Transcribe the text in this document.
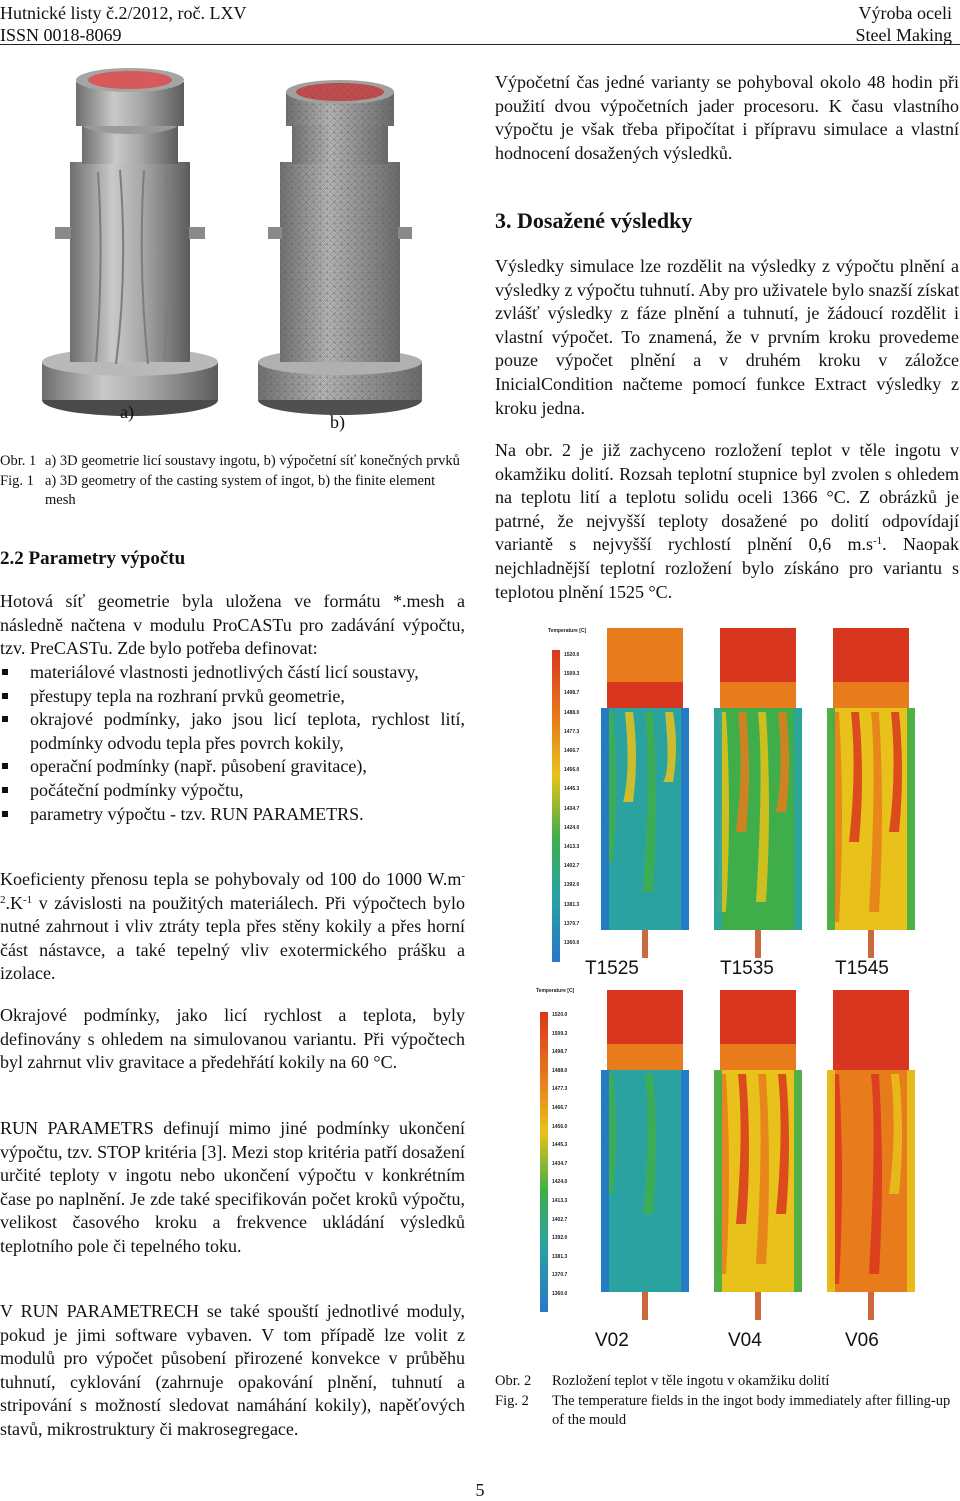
Hutnické listy č.2/2012, roč. LXV
ISSN 0018-8069
Výroba oceli
Steel Making
a)	b)
Obr. 1 a) 3D geometrie licí soustavy ingotu, b) výpočetní síť konečných prvků
Fig. 1 a) 3D geometry of the casting system of ingot, b) the finite element mesh
2.2 Parametry výpočtu

Hotová síť geometrie byla uložena ve formátu *.mesh a následně načtena v modulu ProCASTu pro zadávání výpočtu, tzv. PreCASTu. Zde bylo potřeba definovat:

materiálové vlastnosti jednotlivých částí licí soustavy,
přestupy tepla na rozhraní prvků geometrie,
okrajové podmínky, jako jsou licí teplota, rychlost lití, podmínky odvodu tepla přes povrch kokily,
operační podmínky (např. působení gravitace),
počáteční podmínky výpočtu,
parametry výpočtu - tzv. RUN PARAMETRS.

Koeficienty přenosu tepla se pohybovaly od 100 do 1000 $W.m^{-2}.K^{-1}$ v závislosti na použitých materiálech. Při výpočtech bylo nutné zahrnout i vliv ztráty tepla přes stěny kokily a přes horní část nástavce, a také tepelný vliv exotermického prášku a izolace.

Okrajové podmínky, jako licí rychlost a teplota, byly definovány s ohledem na simulovanou variantu. Při výpočtech byl zahrnut vliv gravitace a předehřátí kokily na 60 °C.

RUN PARAMETRS definují mimo jiné podmínky ukončení výpočtu, tzv. STOP kritéria [3]. Mezi stop kritéria patří dosažení určité teploty v ingotu nebo ukončení výpočtu v konkrétním čase po naplnění. Je zde také specifikován počet kroků výpočtu, velikost časového kroku a frekvence ukládání výsledků teplotního pole či tepelného toku.

V RUN PARAMETRECH se také spouští jednotlivé moduly, pokud je jimi software vybaven. V tom případě lze volit z modulů pro výpočet působení přirozené konvekce v průběhu tuhnutí, cyklování (zahrnuje opakování plnění, tuhnutí a stripování s možností sledovat namáhání kokily), napěťových stavů, mikrostruktury či makrosegregace.

Výpočetní čas jedné varianty se pohyboval okolo 48 hodin při použití dvou výpočetních jader procesoru. K času vlastního výpočtu je však třeba připočítat i přípravu simulace a vlastní hodnocení dosažených výsledků.

3. Dosažené výsledky

Výsledky simulace lze rozdělit na výsledky z výpočtu plnění a výsledky z výpočtu tuhnutí. Aby pro uživatele bylo snazší získat zvlášť výsledky z fáze plnění a tuhnutí, je žádoucí rozdělit i vlastní výpočet. To znamená, že v prvním kroku provedeme pouze výpočet plnění a v druhém kroku v záložce InicialCondition načteme pomocí funkce Extract výsledky z kroku jedna.

Na obr. 2 je již zachyceno rozložení teplot v těle ingotu v okamžiku dolití. Rozsah teplotní stupnice byl zvolen s ohledem na teplotu lití a teplotu solidu oceli 1366 °C. Z obrázků je patrné, že nejvyšší teploty dosažené po dolití odpovídají variantě s nejvyšší rychlostí plnění 0,6 $m.s^{-1}$. Naopak nejchladnější teplotní rozložení bylo získáno pro variantu s teplotou plnění 1525 °C.

Temperature [C]
1520.0
1509.3
1498.7
1488.0
1477.3
1466.7
1456.0
1445.3
1434.7
1424.0
1413.3
1402.7
1392.0
1381.3
1370.7
1360.0
T1525	T1535	T1545
Temperature [C]
1520.0
1509.3
1498.7
1488.0
1477.3
1466.7
1456.0
1445.3
1434.7
1424.0
1413.3
1402.7
1392.0
1381.3
1370.7
1360.0
V02	V04	V06
Obr. 2	Rozložení teplot v těle ingotu v okamžiku dolití
Fig. 2	The temperature fields in the ingot body immediately after filling-up of the mould
5
